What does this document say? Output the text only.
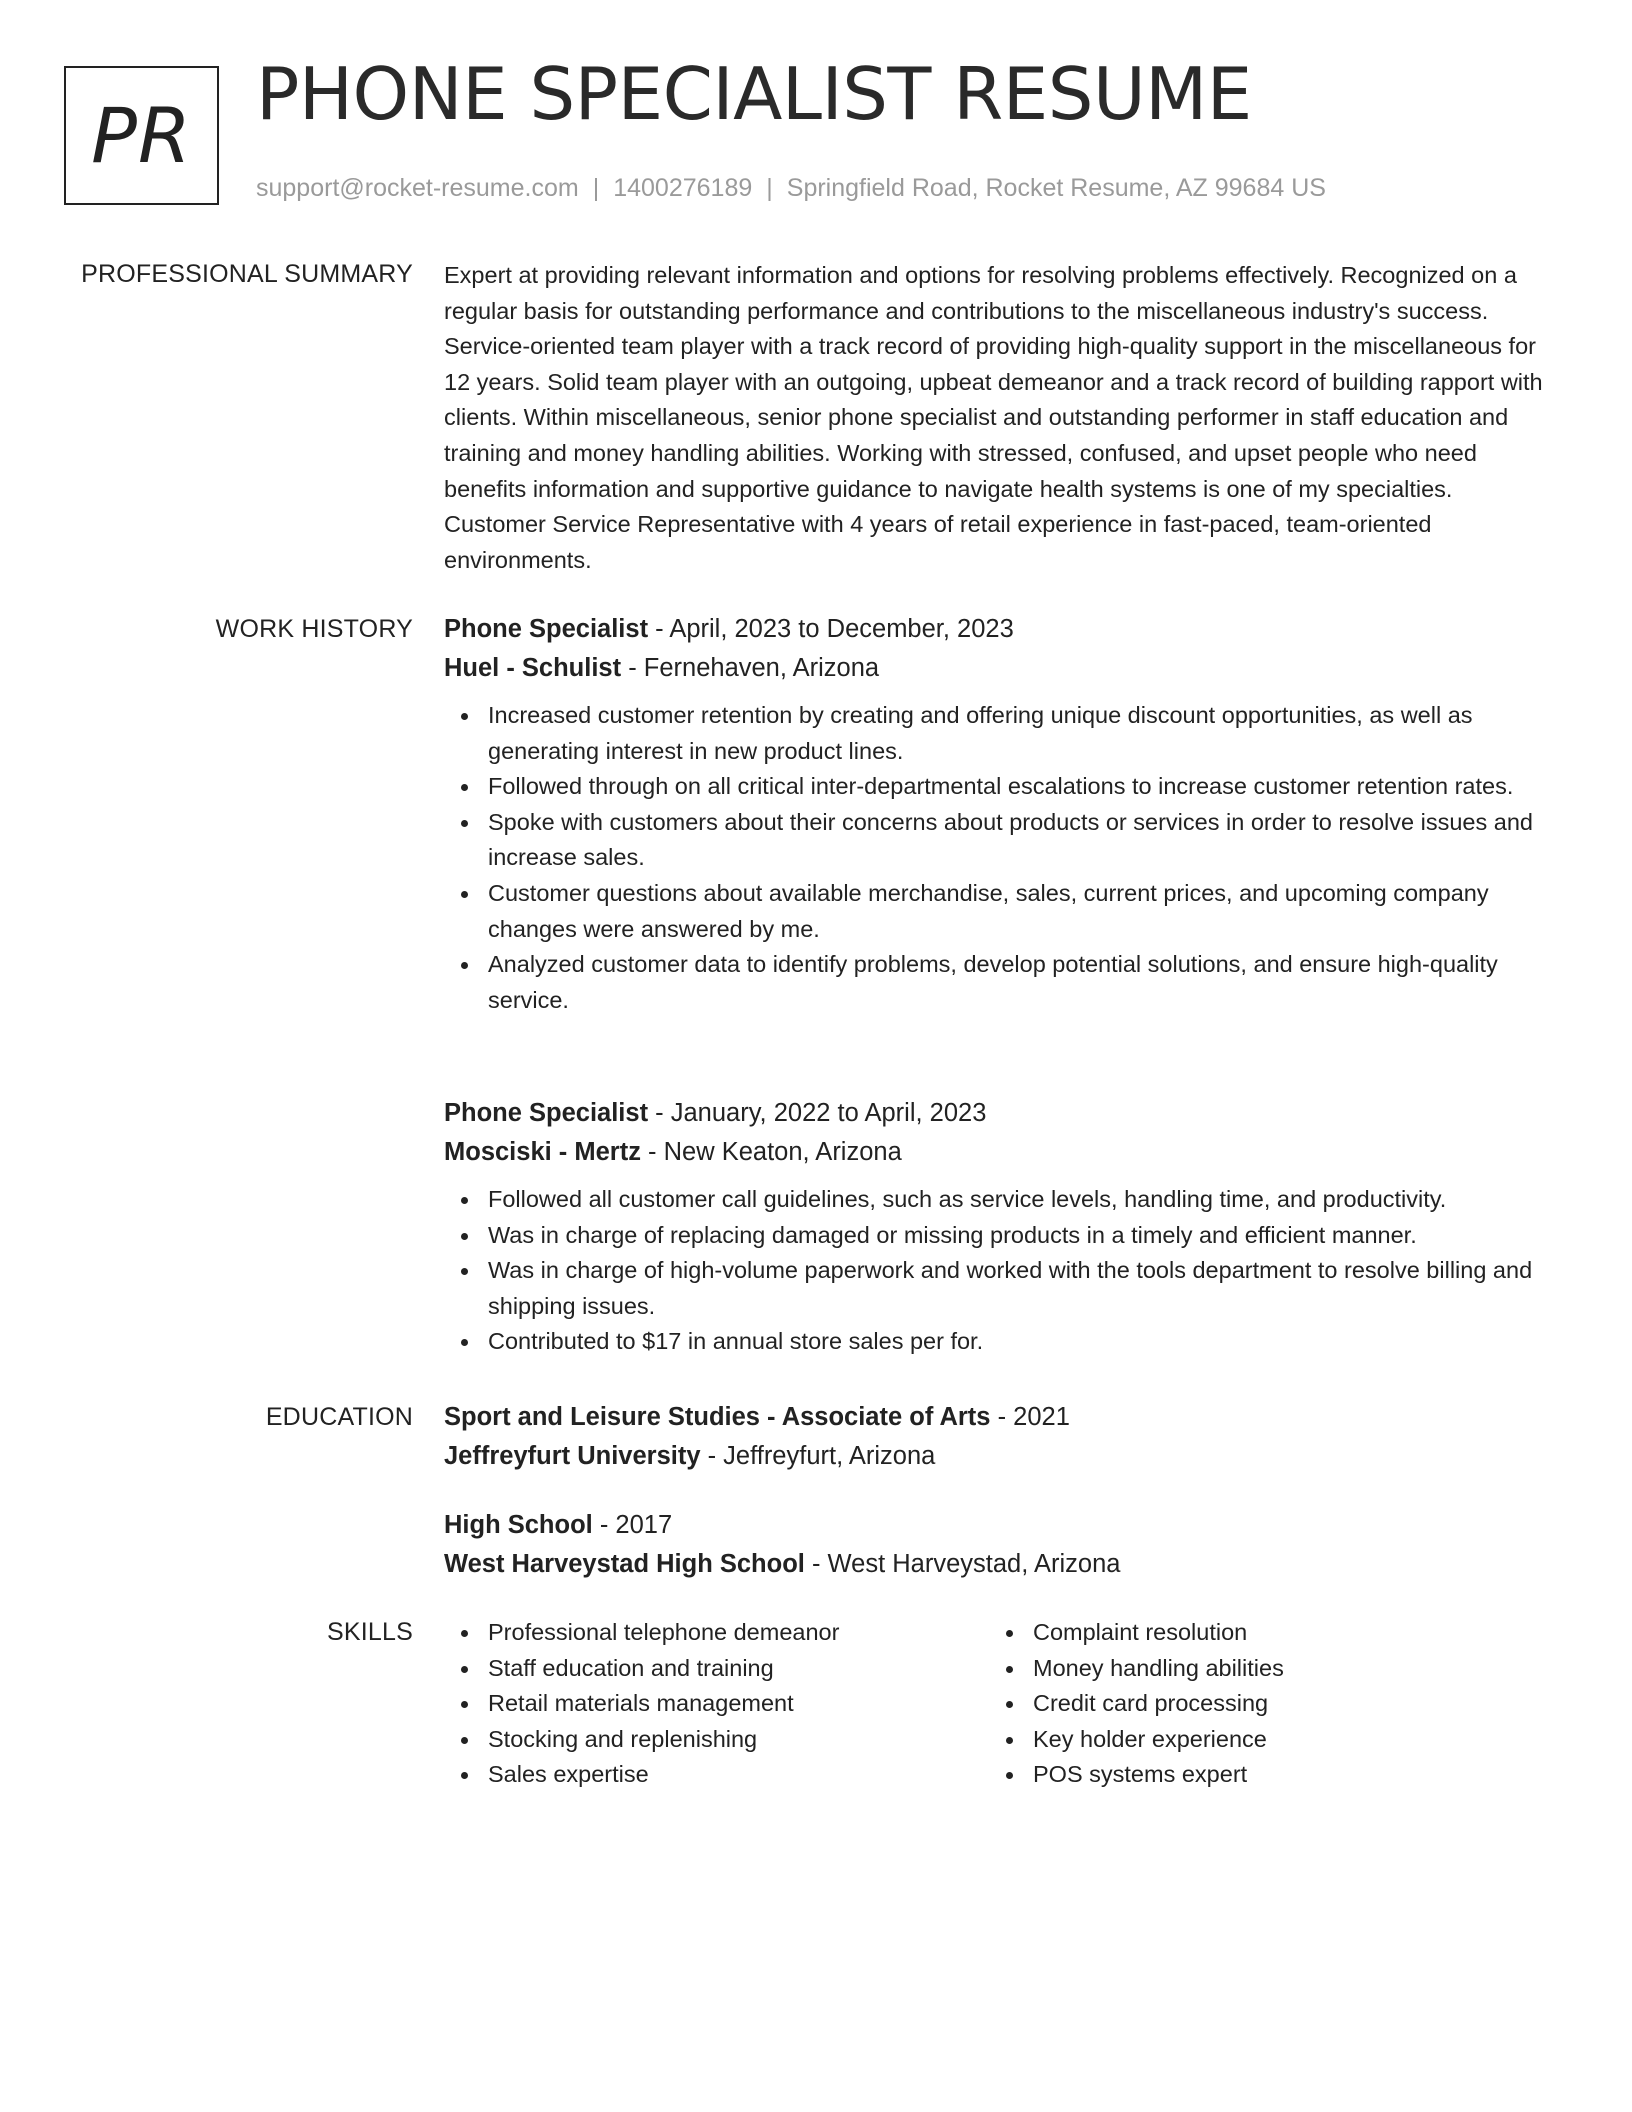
PR PHONE SPECIALIST RESUME
support@rocket-resume.com | 1400276189 | Springfield Road, Rocket Resume, AZ 99684 US
PROFESSIONAL SUMMARY Expert at providing relevant information and options for resolving problems effectively. Recognized on a regular basis for outstanding performance and contributions to the miscellaneous industry's success. Service-oriented team player with a track record of providing high-quality support in the miscellaneous for 12 years. Solid team player with an outgoing, upbeat demeanor and a track record of building rapport with clients. Within miscellaneous, senior phone specialist and outstanding performer in staff education and training and money handling abilities. Working with stressed, confused, and upset people who need benefits information and supportive guidance to navigate health systems is one of my specialties. Customer Service Representative with 4 years of retail experience in fast-paced, team-oriented environments.

WORK HISTORY Phone Specialist - April, 2023 to December, 2023
Huel - Schulist - Fernehaven, Arizona
Increased customer retention by creating and offering unique discount opportunities, as well as generating interest in new product lines.
Followed through on all critical inter-departmental escalations to increase customer retention rates.
Spoke with customers about their concerns about products or services in order to resolve issues and increase sales.
Customer questions about available merchandise, sales, current prices, and upcoming company changes were answered by me.
Analyzed customer data to identify problems, develop potential solutions, and ensure high-quality service.
Phone Specialist - January, 2022 to April, 2023
Mosciski - Mertz - New Keaton, Arizona
Followed all customer call guidelines, such as service levels, handling time, and productivity.
Was in charge of replacing damaged or missing products in a timely and efficient manner.
Was in charge of high-volume paperwork and worked with the tools department to resolve billing and shipping issues.
Contributed to $17 in annual store sales per for.
EDUCATION Sport and Leisure Studies - Associate of Arts - 2021
Jeffreyfurt University - Jeffreyfurt, Arizona
High School - 2017
West Harveystad High School - West Harveystad, Arizona
SKILLS	Professional telephone demeanor
Staff education and training
Retail materials management
Stocking and replenishing
Sales expertise
Complaint resolution
Money handling abilities
Credit card processing
Key holder experience
POS systems expert
